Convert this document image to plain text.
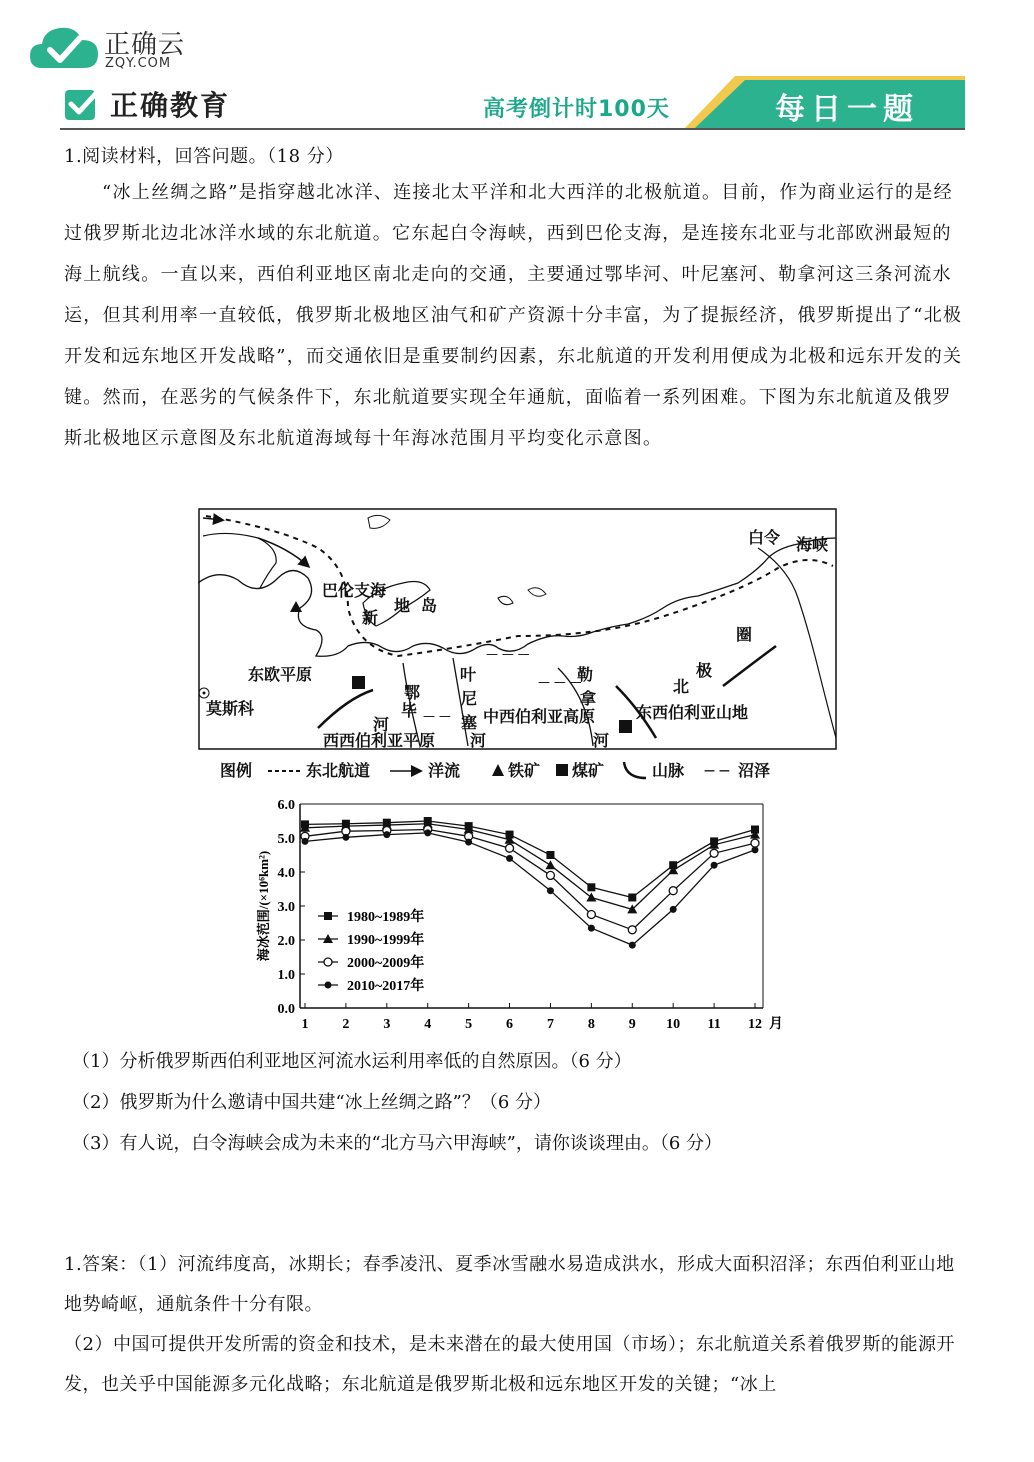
正确云
ZQY.COM
正确教育	高考倒计时100天	每日一题
1.阅读材料，回答问题。（18 分）
“冰上丝绸之路”是指穿越北冰洋、连接北太平洋和北大西洋的北极航道。目前，作为商业运行的是经过俄罗斯北边北冰洋水域的东北航道。它东起白令海峡，西到巴伦支海，是连接东北亚与北部欧洲最短的海上航线。一直以来，西伯利亚地区南北走向的交通，主要通过鄂毕河、叶尼塞河、勒拿河这三条河流水运，但其利用率一直较低，俄罗斯北极地区油气和矿产资源十分丰富，为了提振经济，俄罗斯提出了“北极开发和远东地区开发战略”，而交通依旧是重要制约因素，东北航道的开发利用便成为北极和远东开发的关键。然而，在恶劣的气候条件下，东北航道要实现全年通航，面临着一系列困难。下图为东北航道及俄罗斯北极地区示意图及东北航道海域每十年海冰范围月平均变化示意图。
— — —
— — —
— —
白令 海峡
巴伦支海
新
地 岛
东欧平原
莫斯科
鄂
毕
河
叶
尼
塞
河
勒
拿
河
中西伯利亚高原
西西伯利亚平原
东西伯利亚山地
北
极
圈
图例	东北航道	洋流	铁矿 煤矿	山脉 — — 沼泽
0.0
1.0
2.0
3.0
4.0
5.0
6.0
1 2 3 4 5 6 7 8 9 10 11 12 月
海冰范围/(×10⁶km²)	1980~1989年
1990~1999年
2000~2009年
2010~2017年
（1）分析俄罗斯西伯利亚地区河流水运利用率低的自然原因。（6 分）
（2）俄罗斯为什么邀请中国共建“冰上丝绸之路”？（6 分）
（3）有人说，白令海峡会成为未来的“北方马六甲海峡”，请你谈谈理由。（6 分）
1.答案：（1）河流纬度高，冰期长；春季凌汛、夏季冰雪融水易造成洪水，形成大面积沼泽；东西伯利亚山地地势崎岖，通航条件十分有限。
（2）中国可提供开发所需的资金和技术，是未来潜在的最大使用国（市场）；东北航道关系着俄罗斯的能源开发，也关乎中国能源多元化战略；东北航道是俄罗斯北极和远东地区开发的关键；“冰上
